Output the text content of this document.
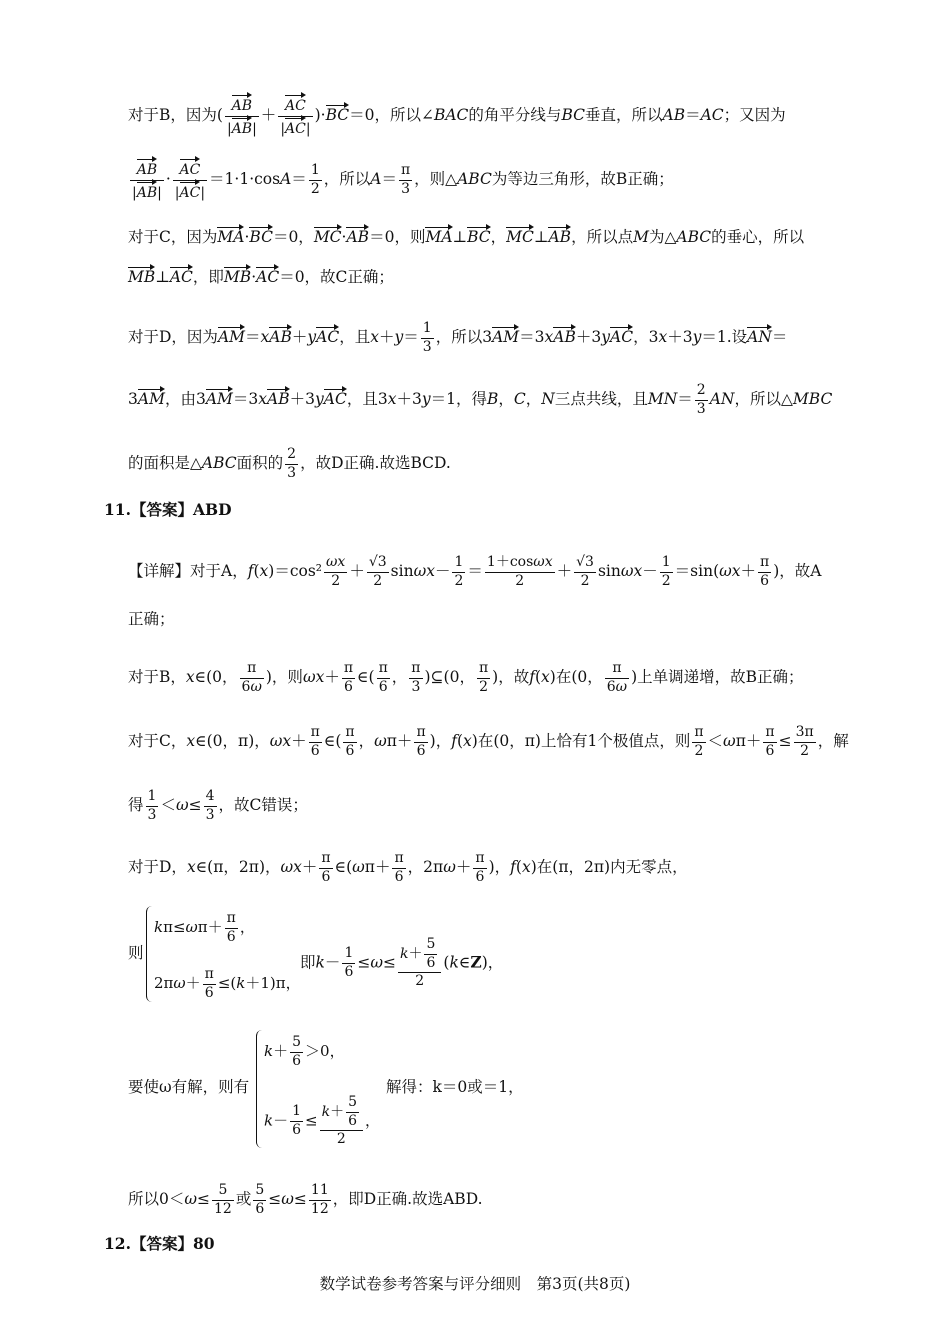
对于B，因为( $\frac{AB}{|AB|} + \frac{AC}{|AC|} )\cdot BC=0$，所以∠BAC的角平分线与BC垂直，所以AB＝AC；又因为
$\frac{AB}{|AB|} \cdot \frac{AC}{|AC|} =1\cdot 1\cdot\cos A= \frac{1}{2}$ ，所以$A= \frac{\pi}{3}$ ，则△ABC为等边三角形，故B正确；
对于C，因为MA·BC＝0，MC·AB＝0，则MA⊥BC，MC⊥AB，所以点M为△ABC的垂心，所以
MB⊥AC，即MB·AC＝0，故C正确；
对于D，因为AM＝xAB＋yAC，且$x+y= \frac{1}{3}$ ，所以3AM＝3xAB＋3yAC，3x＋3y＝1.设AN＝
3AM，由3AM＝3xAB＋3yAC，且3x＋3y＝1，得B，C，N三点共线，且$MN= \frac{2}{3}$ AN，所以△MBC
的面积是△ABC面积的 $\frac{2}{3}$ ，故D正确.故选BCD.
11.【答案】ABD
【详解】对于A，$f(x)=\cos^2 \frac{\omega x}{2} + \frac{√3}{2} \sin\omega x- \frac{1}{2} = \frac{1+\cos\omega x}{2} + \frac{√3}{2} \sin\omega x- \frac{1}{2} =\sin(\omega x+ \frac{\pi}{6}$ )，故A
正确；
对于B，x∈(0， $\frac{\pi}{6\omega}$ )，则$\omega x+ \frac{\pi}{6}$ ∈( $\frac{\pi}{6}$ ， $\frac{\pi}{3}$ )⊆(0， $\frac{\pi}{2}$ )，故f(x)在(0， $\frac{\pi}{6\omega}$ )上单调递增，故B正确；
对于C，x∈(0，π)，$\omega x+ \frac{\pi}{6}$ ∈( $\frac{\pi}{6}$ ，$\omega\pi+ \frac{\pi}{6}$ )，f(x)在(0，π)上恰有1个极值点，则 $\frac{\pi}{2} <\omega\pi+ \frac{\pi}{6} \le \frac{3\pi}{2}$ ，解
得 $\frac{1}{3} <\omega\le \frac{4}{3}$ ，故C错误；
对于D，x∈(π，2π)，$\omega x+ \frac{\pi}{6}$ ∈(ωπ＋ $\frac{\pi}{6}$ ，$2\pi\omega+ \frac{\pi}{6}$ )，f(x)在(π，2π)内无零点，
则
$k\pi\le\omega\pi+ \frac{\pi}{6}$ ，
$2\pi\omega+ \frac{\pi}{6} \le(k+1)\pi$，
即$k- \frac{1}{6} \le\omega\le \frac{k+ \frac{5}{6}}{2}$ (k∈Z)，
要使ω有解，则有
$k+ \frac{5}{6} >0$，
$k- \frac{1}{6} \le \frac{k+ \frac{5}{6}}{2}$ ，
解得：k＝0或＝1，
所以$0<\omega\le \frac{5}{12}$ 或 $\frac{5}{6} \le\omega\le \frac{11}{12}$ ，即D正确.故选ABD.
12.【答案】80
数学试卷参考答案与评分细则　第3页(共8页)
